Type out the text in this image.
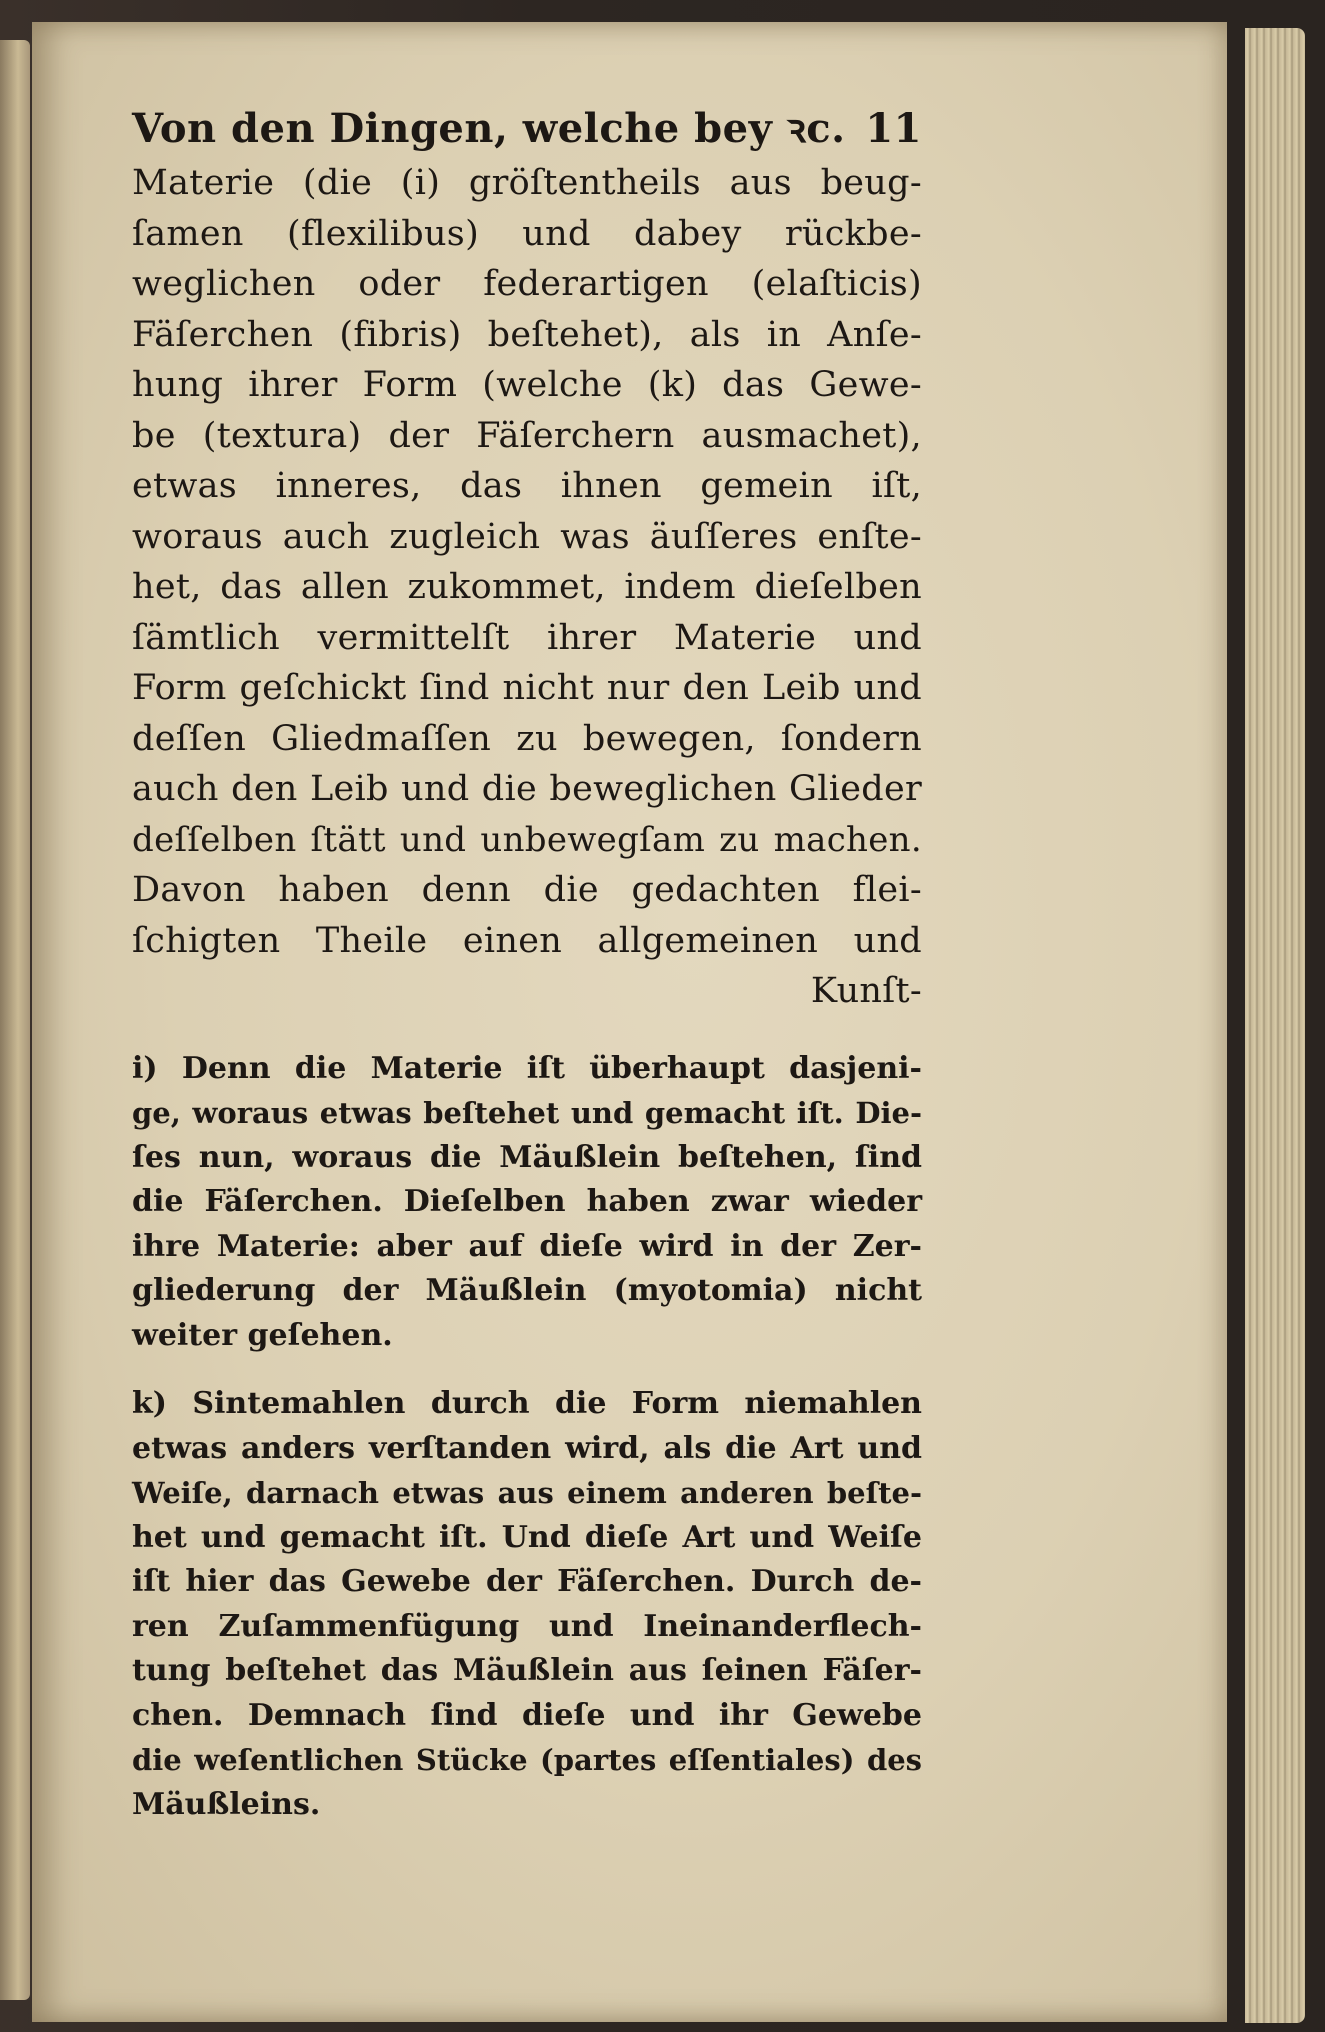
Von den Dingen, welche bey ꝛc. 11
Materie (die (i) gröſtentheils aus beug-
ſamen (flexilibus) und dabey rückbe-
weglichen oder federartigen (elaſticis)
Fäſerchen (fibris) beſtehet), als in Anſe-
hung ihrer Form (welche (k) das Gewe-
be (textura) der Fäſerchern ausmachet),
etwas inneres, das ihnen gemein iſt,
woraus auch zugleich was äuſſeres enſte-
het, das allen zukommet, indem dieſelben
ſämtlich vermittelſt ihrer Materie und
Form geſchickt ſind nicht nur den Leib und
deſſen Gliedmaſſen zu bewegen, ſondern
auch den Leib und die beweglichen Glieder
deſſelben ſtätt und unbewegſam zu machen.
Davon haben denn die gedachten flei-
ſchigten Theile einen allgemeinen und
Kunſt-
i) Denn die Materie iſt überhaupt dasjeni-
ge, woraus etwas beſtehet und gemacht iſt. Die-
ſes nun, woraus die Mäußlein beſtehen, ſind
die Fäſerchen. Dieſelben haben zwar wieder
ihre Materie: aber auf dieſe wird in der Zer-
gliederung der Mäußlein (myotomia) nicht
weiter geſehen.
k) Sintemahlen durch die Form niemahlen
etwas anders verſtanden wird, als die Art und
Weiſe, darnach etwas aus einem anderen beſte-
het und gemacht iſt. Und dieſe Art und Weiſe
iſt hier das Gewebe der Fäſerchen. Durch de-
ren Zuſammenfügung und Ineinanderflech-
tung beſtehet das Mäußlein aus ſeinen Fäſer-
chen. Demnach ſind dieſe und ihr Gewebe
die weſentlichen Stücke (partes eſſentiales) des
Mäußleins.
